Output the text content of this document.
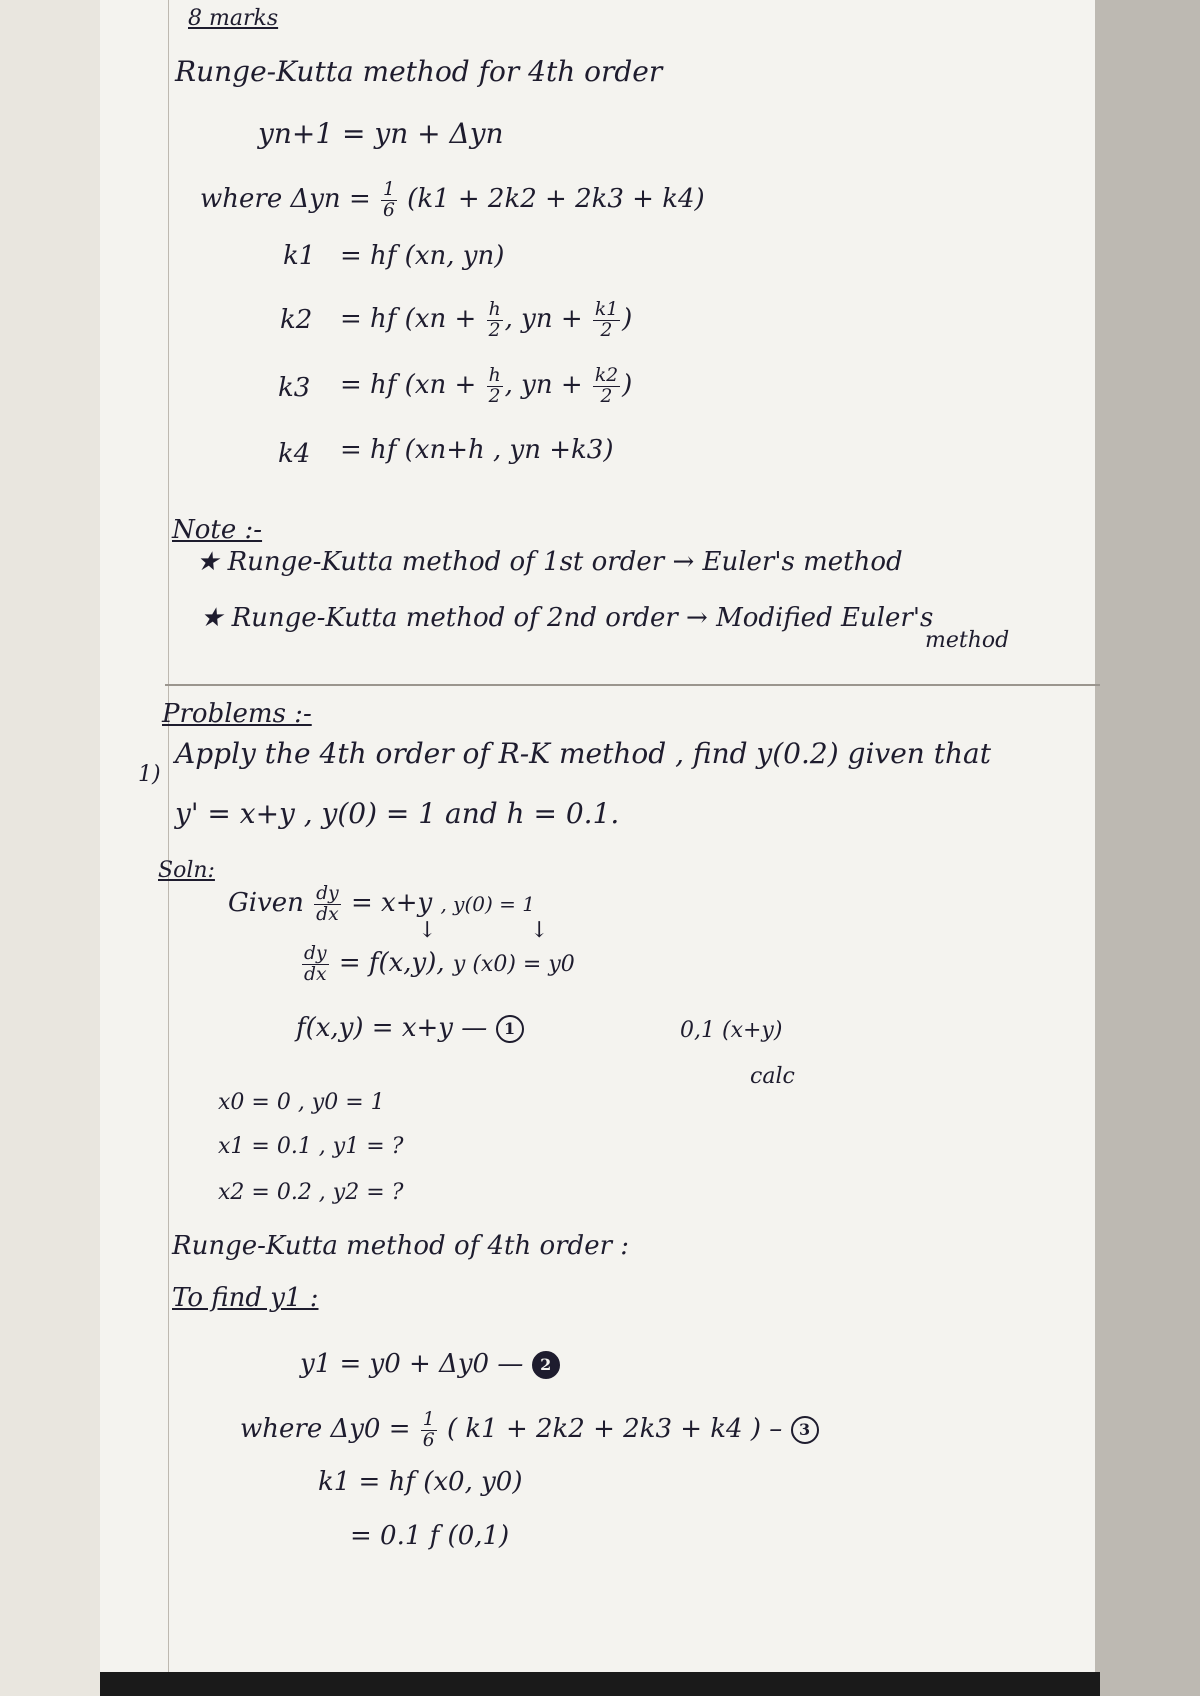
8 marks
Runge-Kutta method for 4th order
yn+1 = yn + Δyn
where $\Delta yn = \frac{1}{6} (k1 + 2k2 + 2k3 + k4)$
k1 = hf (xn, yn)
k2 = hf ($xn + \frac{h}{2}$ , yn + $\frac{k1}{2}$ )
k3 = hf ($xn + \frac{h}{2}$ , yn + $\frac{k2}{2}$ )
k4 = hf (xn+h , yn +k3)
Note :-
★ Runge-Kutta method of 1st order → Euler's method
★ Runge-Kutta method of 2nd order → Modified Euler's
method
Problems :-
1)
Apply the 4th order of R-K method , find y(0.2) given that
y' = x+y , y(0) = 1 and h = 0.1.
Soln:
Given $\frac{dy}{dx} = x+y$ , y(0) = 1
↓	↓
$\frac{dy}{dx} = f(x,y)$, y (x0) = y0
f(x,y) = x+y — 1	0,1 (x+y)
calc
x0 = 0 , y0 = 1
x1 = 0.1 , y1 = ?
x2 = 0.2 , y2 = ?
Runge-Kutta method of 4th order :
To find y1 :
y1 = y0 + Δy0 — 2
where $\Delta y0 = \frac{1}{6}$ ( k1 + 2k2 + 2k3 + k4 ) – 3
k1 = hf (x0, y0)
= 0.1 f (0,1)
